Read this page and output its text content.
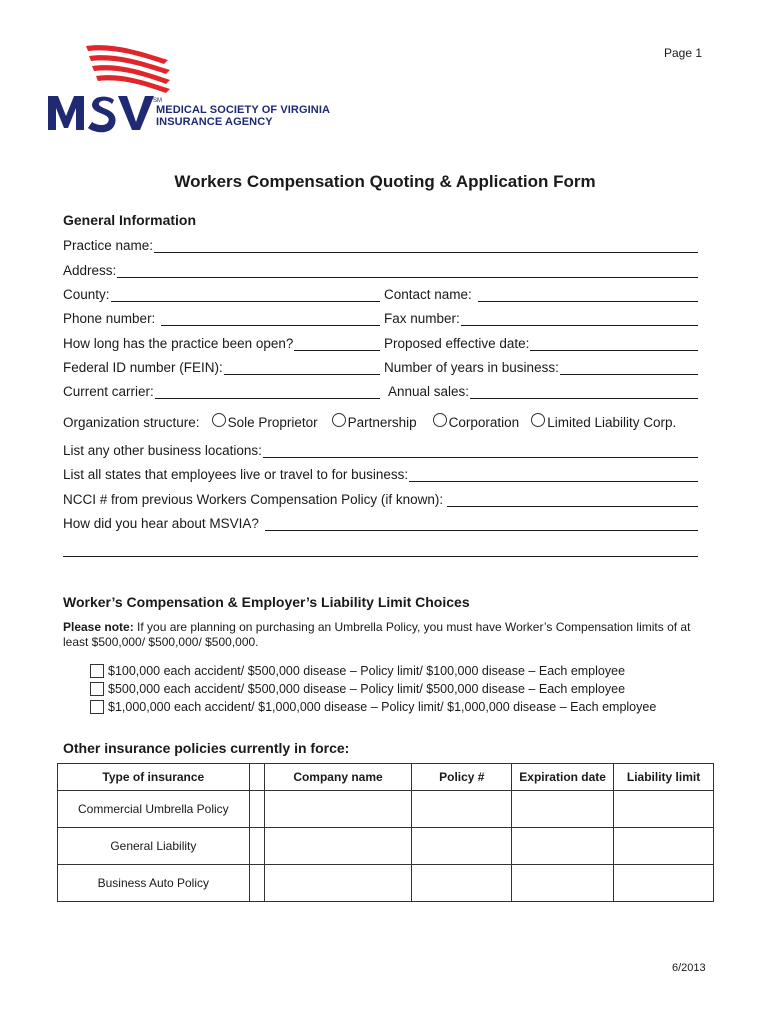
Page 1
SM
MEDICAL SOCIETY OF VIRGINIA
INSURANCE AGENCY
Workers Compensation Quoting & Application Form
General Information
Practice name:
Address:
County:	Contact name:
Phone number:	Fax number:
How long has the practice been open?	Proposed effective date:
Federal ID number (FEIN):	Number of years in business:
Current carrier:	Annual sales:
Organization structure: Sole Proprietor Partnership Corporation Limited Liability Corp.
List any other business locations:
List all states that employees live or travel to for business:
NCCI # from previous Workers Compensation Policy (if known):
How did you hear about MSVIA?
Worker’s Compensation & Employer’s Liability Limit Choices
Please note: If you are planning on purchasing an Umbrella Policy, you must have Worker’s Compensation limits of at least $500,000/ $500,000/ $500,000.
$100,000 each accident/ $500,000 disease – Policy limit/ $100,000 disease – Each employee
$500,000 each accident/ $500,000 disease – Policy limit/ $500,000 disease – Each employee
$1,000,000 each accident/ $1,000,000 disease – Policy limit/ $1,000,000 disease – Each employee
Other insurance policies currently in force:
Type of insurance		Company name	Policy #	Expiration date	Liability limit
Commercial Umbrella Policy					
General Liability					
Business Auto Policy					
6/2013
